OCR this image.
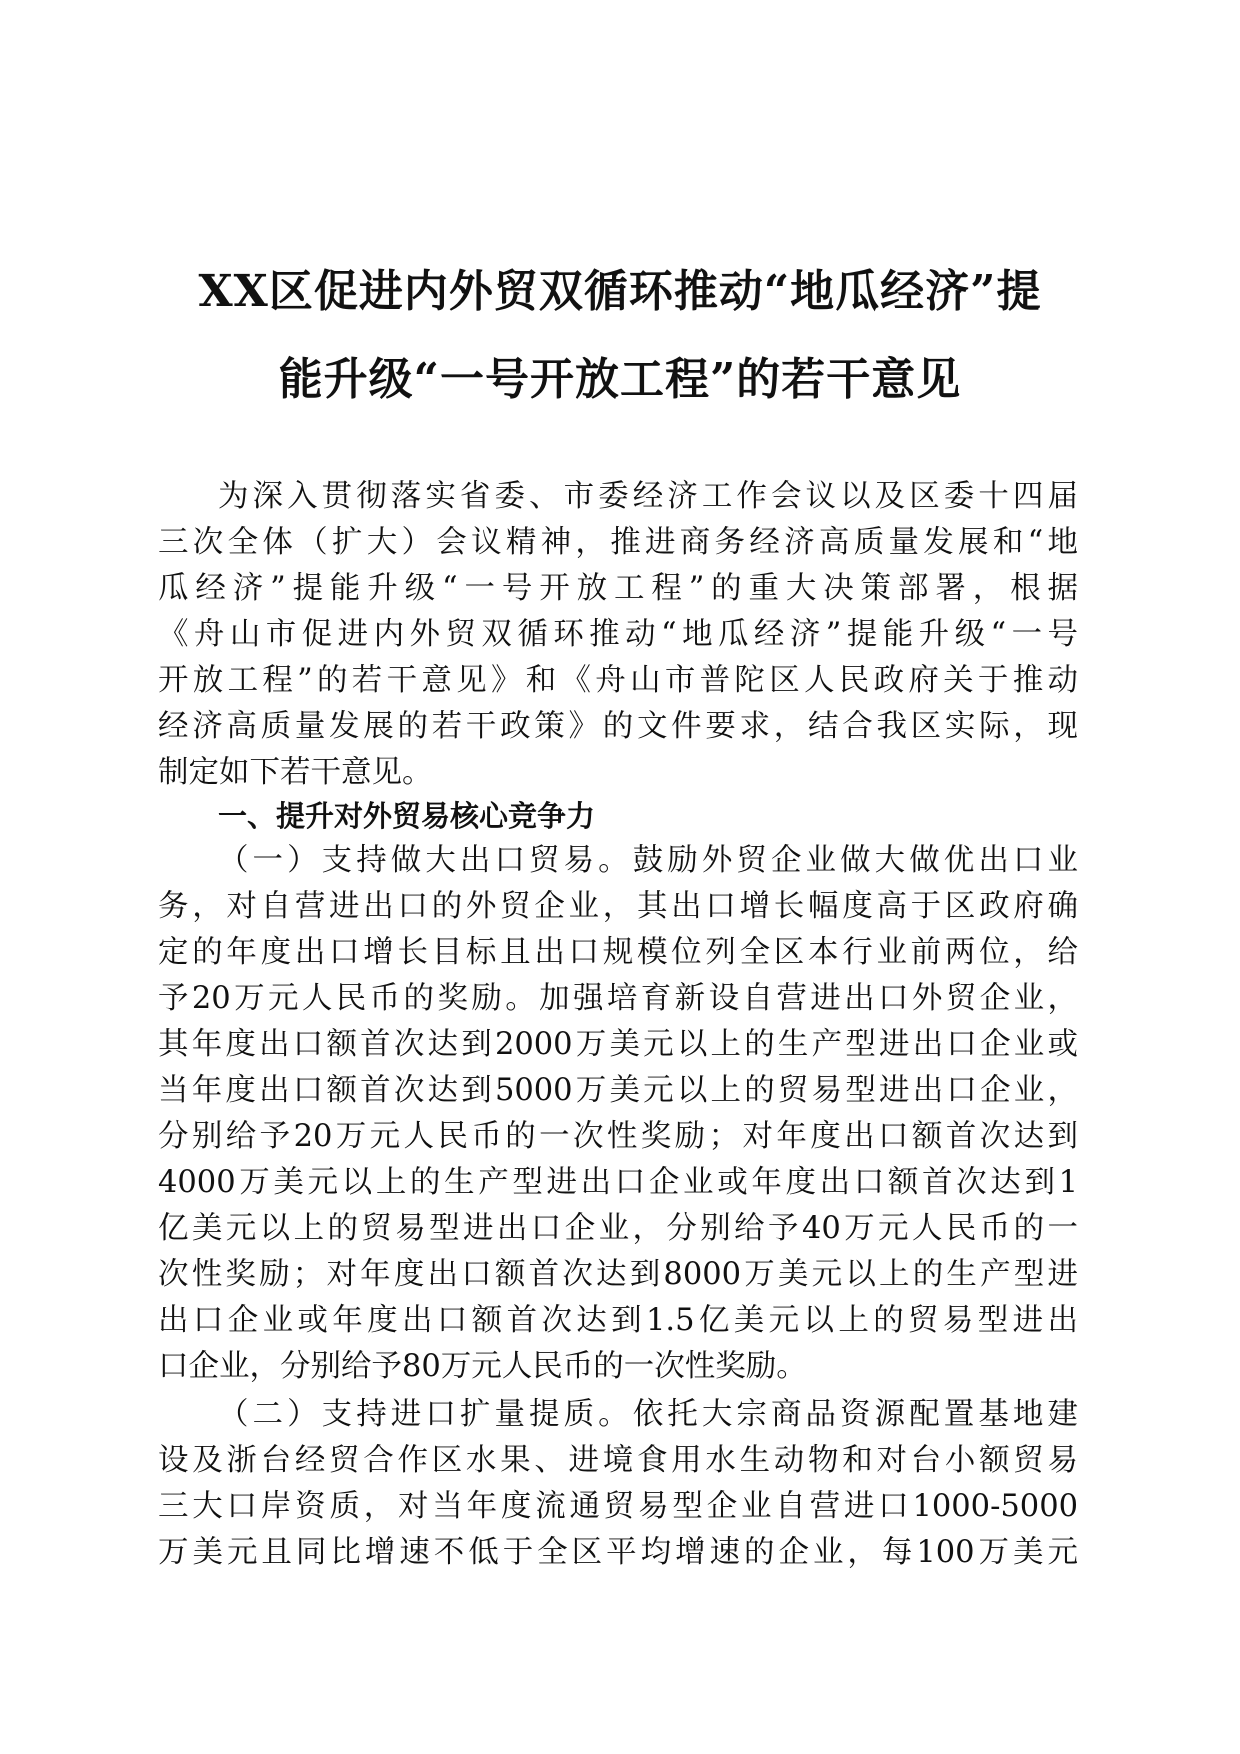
XX区促进内外贸双循环推动“地瓜经济”提
能升级“一号开放工程”的若干意见
为深入贯彻落实省委、市委经济工作会议以及区委十四届
三次全体（扩大）会议精神，推进商务经济高质量发展和“地
瓜经济”提能升级“一号开放工程”的重大决策部署，根据
《舟山市促进内外贸双循环推动“地瓜经济”提能升级“一号
开放工程”的若干意见》和《舟山市普陀区人民政府关于推动
经济高质量发展的若干政策》的文件要求，结合我区实际，现
制定如下若干意见。
一、提升对外贸易核心竞争力
（一）支持做大出口贸易。鼓励外贸企业做大做优出口业
务，对自营进出口的外贸企业，其出口增长幅度高于区政府确
定的年度出口增长目标且出口规模位列全区本行业前两位，给
予20万元人民币的奖励。加强培育新设自营进出口外贸企业，
其年度出口额首次达到2000万美元以上的生产型进出口企业或
当年度出口额首次达到5000万美元以上的贸易型进出口企业，
分别给予20万元人民币的一次性奖励；对年度出口额首次达到
4000万美元以上的生产型进出口企业或年度出口额首次达到1
亿美元以上的贸易型进出口企业，分别给予40万元人民币的一
次性奖励；对年度出口额首次达到8000万美元以上的生产型进
出口企业或年度出口额首次达到1.5亿美元以上的贸易型进出
口企业，分别给予80万元人民币的一次性奖励。
（二）支持进口扩量提质。依托大宗商品资源配置基地建
设及浙台经贸合作区水果、进境食用水生动物和对台小额贸易
三大口岸资质，对当年度流通贸易型企业自营进口1000-5000
万美元且同比增速不低于全区平均增速的企业，每100万美元
